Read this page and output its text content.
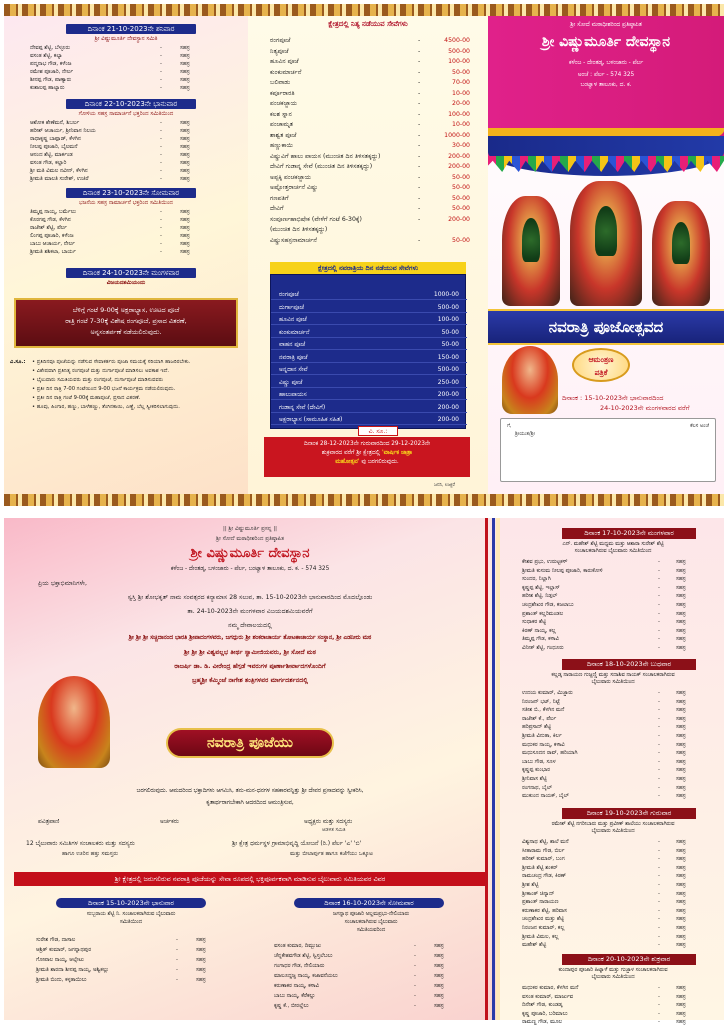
ದಿನಾಂಕ 21-10-2023ನೇ ಶನಿವಾರ
ಶ್ರೀ ವಿಷ್ಣುಮೂರ್ತಿ ದೇವಸ್ಥಾನ ಸಮಿತಿ
ದೇವಪ್ಪ ಶೆಟ್ಟಿ, ಬೆಳ್ಳೂರು	-	ಸಹಸ್ರ
ವಸಂತ ಶೆಟ್ಟಿ, ಕಲ್ಯಾ	-	ಸಹಸ್ರ
ಪದ್ಮನಾಭ ಗೌಡ, ಕಳೆಂಜ	-	ಸಹಸ್ರ
ರಮೇಶ ಪೂಜಾರಿ, ನೇರ್ಲ	-	ಸಹಸ್ರ
ಶೀನಪ್ಪ ಗೌಡ, ಪಾಣ್ಯಾರು	-	ಸಹಸ್ರ
ಕುಶಾಲಪ್ಪ ಹಾಲ್ಯಾರು	-	ಸಹಸ್ರ
ದಿನಾಂಕ 22-10-2023ನೇ ಭಾನುವಾರ
ಗೋಳಿಯ ಸಹಸ್ರ ನಾಮಾರ್ಚನೆ ಭಕ್ತರಿಂದ ಸಮಿತಿಯಿಂದ
ಆಶೋಕ ಶೇಣೆಮನೆ, ಶಿಬರ್ಲ	-	ಸಹಸ್ರ
ಹರೀಶ್ ಆಚಾರ್ಯ, ಶ್ರೀನಿವಾಸ ನಿಲಯ	-	ಸಹಸ್ರ
ರಾಧಾಕೃಷ್ಣ ಬಾಪ್ಪಾಡ್, ಕೆಳಗಿನ	-	ಸಹಸ್ರ
ನೀಲಪ್ಪ ಪೂಜಾರಿ, ಬೈಲಮನೆ	-	ಸಹಸ್ರ
ಆನಂದ ಶೆಟ್ಟಿ, ಮಾರ್ಕಂಡ	-	ಸಹಸ್ರ
ವಸಂತ ಗೌಡ, ಕಲ್ಲಾರಿ	-	ಸಹಸ್ರ
ಶ್ರೀ ಮತಿ ವಿಮಲ ನವೀನ್, ಕೆಳಗಿನ	-	ಸಹಸ್ರ
ಶ್ರೀಮತಿ ಮಾಲತಿ ಸುರೇಶ್, ಉಜಿರೆ	-	ಸಹಸ್ರ
ದಿನಾಂಕ 23-10-2023ನೇ ಸೋಮವಾರ
ಭಜನೆಯ ಸಹಸ್ರ ನಾಮಾರ್ಚನೆ ಭಕ್ತರಿಂದ ಸಮಿತಿಯಿಂದ
ತಿಮ್ಮಪ್ಪ ನಾಯ್ಕ, ಬರ್ಮೆಲು	-	ಸಹಸ್ರ
ಕೊರಗಪ್ಪ ಗೌಡ, ಕೆಳಗಿನ	-	ಸಹಸ್ರ
ರಾಜೇಶ್ ಶೆಟ್ಟಿ, ಪೆರ್ಲ	-	ಸಹಸ್ರ
ಲಿಂಗಪ್ಪ ಪೂಜಾರಿ, ಕಳೆಂಜ	-	ಸಹಸ್ರ
ಬಾಬು ಆಚಾರ್ಯ, ನೇರ್ಲ	-	ಸಹಸ್ರ
ಶ್ರೀಮತಿ ಶಶಿಕಲಾ, ಬಾರ್ಯ	-	ಸಹಸ್ರ
ದಿನಾಂಕ 24-10-2023ನೇ ಮಂಗಳವಾರ
ವಿಜಯದಶಮಿಯಂದು
ಬೆಳಿಗ್ಗೆ ಗಂಟೆ 9-00ಕ್ಕೆ ಅಕ್ಷರಾಭ್ಯಾಸ, ಊಟದ ಪೂಜೆ
ರಾತ್ರಿ ಗಂಟೆ 7-30ಕ್ಕೆ ವಿಶೇಷ ರಂಗಪೂಜೆ, ಪ್ರಸಾದ ವಿತರಣೆ,
ಅನ್ನಸಂತರ್ಪಣೆ ನಡೆಯಲಿರುವುದು.
ವಿ.ಸೂ.: • ಪ್ರತಿದಿನವೂ ಪೂಜೆಯನ್ನು ನಡೆಸುವ ಸೇವಾಕರ್ತರು ಪೂಜಾ ಸಮಯಕ್ಕೆ ಸರಿಯಾಗಿ ಹಾಜರಿರಬೇಕು.
• ವಿಶೇಷವಾಗಿ ಪ್ರತಿನಿತ್ಯ ರಂಗಪೂಜೆ ಮತ್ತು ದುರ್ಗಾಪೂಜೆ ಮಾಡಿಸಲು ಅವಕಾಶ ಇದೆ.
• ಭೈಲುವಾರು ಸಮಿತಿಯವರು ಮತ್ತು ರಂಗಪೂಜೆ, ದುರ್ಗಾಪೂಜೆ ಮಾಡಿಸುವವರು
• ಪ್ರತೀ ದಿನ ರಾತ್ರಿ 7-00 ಗಂಟೆಯಿಂದ 9-00 ಭಜನೆ ಕಾರ್ಯಕ್ರಮ ನಡೆಯಲಿರುವುದು.
• ಪ್ರತೀ ದಿನ ರಾತ್ರಿ ಗಂಟೆ 9-00ಕ್ಕೆ ಮಹಾಪೂಜೆ, ಪ್ರಸಾದ ವಿತರಣೆ.
• ಹೂವು, ಹಿಂಗಾರ, ಹಣ್ಣು, ಬಾಳೆಹಣ್ಣು, ತೆಂಗಿನಕಾಯಿ, ಎಣ್ಣೆ, ಬೆಲ್ಲ ಸ್ವೀಕರಿಸಲಾಗುವುದು.
ಕ್ಷೇತ್ರದಲ್ಲಿ ನಿತ್ಯ ನಡೆಯುವ ಸೇವೆಗಳು
ರಂಗಪೂಜೆ	-	4500-00
ನಿತ್ಯಪೂಜೆ	-	500-00
ಹೂವಿನ ಪೂಜೆ	-	100-00
ಕುಂಕುಮಾರ್ಚನೆ	-	50-00
ಬಲಿವಾಡು	-	70-00
ಕರ್ಪೂರಾರತಿ	-	10-00
ಪಂಚಕಜ್ಜಾಯ	-	20-00
ಕಲಶ ಸ್ನಾನ	-	100-00
ಪಂಚಾಮೃತ	-	10-00
ಶಾಶ್ವತ ಪೂಜೆ	-	1000-00
ಹಣ್ಣುಕಾಯಿ	-	30-00
ವಿಷ್ಣುವಿಗೆ ಹಾಲು ಪಾಯಸ (ಮುಂಚಿತ ದಿನ ತಿಳಿಸತಕ್ಕದ್ದು)	-	200-00
ದೇವಿಗೆ ಗುಡಾನ್ನ ಸೇವೆ (ಮುಂಚಿತ ದಿನ ತಿಳಿಸತಕ್ಕದ್ದು)	-	200-00
ಅಪ್ಪಕ್ಕಿ ಪಂಚಕಜ್ಜಾಯ	-	50-00
ಅಷ್ಟೋತ್ತರಾರ್ಚನೆ ವಿಷ್ಣು	-	50-00
ಗಣಪತಿಗೆ	-	50-00
ದೇವಿಗೆ	-	50-00
ಸಂಪೂರ್ಣಹಾಭಿಷೇಕ (ವೇಳೆಗೆ ಗಂಟೆ 6-30ಕ್ಕೆ)	-	200-00
(ಮುಂಚಿತ ದಿನ ತಿಳಿಸತಕ್ಕದ್ದು)
ವಿಷ್ಣುಸಹಸ್ರನಾಮಾರ್ಚನೆ	-	50-00
ರಂಗಪೂಜೆ	1000-00
ದುರ್ಗಾಪೂಜೆ	500-00
ಹೂವಿನ ಪೂಜೆ	100-00
ಕುಂಕುಮಾರ್ಚನೆ	50-00
ವಾಹನ ಪೂಜೆ	50-00
ನವರಾತ್ರಿ ಪೂಜೆ	150-00
ಅನ್ನದಾನ ಸೇವೆ	500-00
ವಿಷ್ಣು ಪೂಜೆ	250-00
ಹಾಲುಪಾಯಸ	200-00
ಗುಡಾನ್ನ ಸೇವೆ (ದೇವಿಗೆ)	200-00
ಅಕ್ಷರಾಭ್ಯಾಸ (ಸಾಮೂಹಿಕ ಸಹಿತ)	200-00
ಕ್ಷೇತ್ರದಲ್ಲಿ ನವರಾತ್ರಿಯ ದಿನ ನಡೆಯುವ ಸೇವೆಗಳು
ವಿ. ಸೂ.:
ದಿನಾಂಕ 28-12-2023ನೇ ಗುರುವಾರದಿಂದ 29-12-2023ನೇ
ಶುಕ್ರವಾರದ ವರೆಗೆ ಶ್ರೀ ಕ್ಷೇತ್ರದಲ್ಲಿ 'ವಾರ್ಷಿಕ ಜಾತ್ರಾ
ಮಹೋತ್ಸವ' ವು ಜರಗಲಿರುವುದು.
ಜನನಿ, ಉಜ್ಜಿರೆ
ಶ್ರೀ ಸೋದೆ ಮಠಾಧೀಶರಿಂದ ಪ್ರತಿಷ್ಠಾಪಿತ
ಶ್ರೀ ವಿಷ್ಣುಮೂರ್ತಿ ದೇವಸ್ಥಾನ
ಕಳೆಂಜ - ದೇಂತಡ್ಕ, ಬಳಂಜಾರು - ಪೆರ್ಲ
ಅಂಚೆ : ಪೆರ್ಲ - 574 325
ಬಂಟ್ವಾಳ ತಾಲೂಕು, ದ. ಕ.
ನವರಾತ್ರಿ ಪೂಜೋತ್ಸವದ
ಆಮಂತ್ರಣ
ಪತ್ರಿಕೆ
ದಿನಾಂಕ : 15-10-2023ನೇ ಭಾನುವಾರದಿಂದ
24-10-2023ನೇ ಮಂಗಳವಾರದ ವರೆಗೆ
ಗೆ,
ಶ್ರೀಯುತ/ಶ್ರೀ
ಕೆಲಸ ಅಂಚೆ
|| ಶ್ರೀ ವಿಷ್ಣುಮೂರ್ತಿ ಪ್ರಸನ್ನ ||
ಶ್ರೀ ಸೋದೆ ಮಠಾಧೀಶರಿಂದ ಪ್ರತಿಷ್ಠಾಪಿತ
ಶ್ರೀ ವಿಷ್ಣುಮೂರ್ತಿ ದೇವಸ್ಥಾನ
ಕಳೆಂಜ - ದೇಂತಡ್ಕ, ಬಳಂಜಾರು - ಪೆರ್ಲ, ಬಂಟ್ವಾಳ ತಾಲೂಕು, ದ. ಕ. - 574 325
ಪ್ರಿಯ ಭಕ್ತಾಭಿಮಾನಿಗಳೇ,
ಸ್ವಸ್ತಿ ಶ್ರೀ ಶೋಭಕೃತ್ ನಾಮ ಸಂವತ್ಸರದ ಕನ್ಯಾಮಾಸ 28 ಸಲುವ, ತಾ. 15-10-2023ನೇ ಭಾನುವಾರದಿಂದ ಮೊದಲ್ಗೊಂಡು
ತಾ. 24-10-2023ನೇ ಮಂಗಳವಾರ ವಿಜಯದಶಮಿಯವರೆಗೆ
ನಮ್ಮ ದೇವಾಲಯದಲ್ಲಿ
ಶ್ರೀ ಶ್ರೀ ಶ್ರೀ ಸಚ್ಚಿದಾನಂದ ಭಾರತಿ ಶ್ರೀಪಾದಂಗಳವರು, ಜಗದ್ಗುರು ಶ್ರೀ ಶಂಕರಾಚಾರ್ಯ ತೋಟಕಾಚಾರ್ಯ ಸಂಸ್ಥಾನ, ಶ್ರೀ ಎಡನೀರು ಮಠ
ಶ್ರೀ ಶ್ರೀ ಶ್ರೀ ವಿಶ್ವವಲ್ಲಭ ತೀರ್ಥ ಸ್ವಾಮೀಜಿಯವರು, ಶ್ರೀ ಸೋದೆ ಮಠ
ರಾಜರ್ಷಿ ಡಾ. ಡಿ. ವೀರೇಂದ್ರ ಹೆಗ್ಗಡೆ ಇವರುಗಳ ಪೂರ್ಣಾಶೀರ್ವಾದಗಳೊಂದಿಗೆ
ಬ್ರಹ್ಮಶ್ರೀ ಕೆಮ್ಮಿಂಜೆ ನಾಗೇಶ ತಂತ್ರಿಗಳವರ ಮಾರ್ಗದರ್ಶನದಲ್ಲಿ
ನವರಾತ್ರಿ ಪೂಜೆಯು
ಜರಗಲಿರುವುದು. ಆಮದರಿಂದ ಭಕ್ತಾದಿಗಳು ಆಗಮಿಸಿ, ತನು-ಮನ-ಧನಗಳ ಸಹಕಾರವನ್ನಿತ್ತು ಶ್ರೀ ದೇವರ ಪ್ರಸಾದವನ್ನು ಸ್ವೀಕರಿಸಿ,
ಕೃತಾರ್ಥರಾಗಬೇಕಾಗಿ ಆದರದಿಂದ ಆಮಂತ್ರಿಸುವ,
ಪವಿತ್ರಪಾಣಿ	ಅರ್ಚಕರು	ಅಧ್ಯಕ್ಷರು ಮತ್ತು ಸದಸ್ಯರು
ಆಡಳಿತ ಸಮಿತಿ
12 ಬೈಲುವಾರು ಸಮಿತಿಗಳ ಸಂಚಾಲಕರು ಮತ್ತು ಸದಸ್ಯರು
ಹಾಗೂ ಊರಿನ ಹತ್ತು ಸಮಸ್ತರು
ಶ್ರೀ ಕ್ಷೇತ್ರ ಧರ್ಮಸ್ಥಳ ಗ್ರಾಮಾಭಿವೃದ್ಧಿ ಯೋಜನೆ (ರಿ.) ಪೆರ್ಲ 'ಎ' 'ಬಿ'
ಮತ್ತು ಬೀಲಾರ್ಪುತ ಹಾಗೂ ಕಜೆಗೆಯು ಒಕ್ಕೂಟ
ಶ್ರೀ ಕ್ಷೇತ್ರದಲ್ಲಿ ಜರುಗಲಿರುವ ನವರಾತ್ರಿ ಪೂಜೆಯನ್ನು ಸೇವಾ ರೂಪದಲ್ಲಿ ಭಕ್ತಿಪೂರ್ವಕವಾಗಿ ಮಾಡಿಸುವ ಬೈಲುವಾರು ಸಮಿತಿಯವರ ವಿವರ
ದಿನಾಂಕ 15-10-2023ನೇ ಭಾನುವಾರ
ಸುಬ್ಬರಾಯ ಶೆಟ್ಟಿ ನಿ. ಸಂಚಾಲಕರಾಗಿರುವ ಬೈಲುವಾರು
ಸಮಿತಿಯಿಂದ
ಸುರೇಶ ಗೌಡ, ದಾಸಾಲ	-	ಸಹಸ್ರ
ಆಶ್ರಿತ್ ಕುಮಾರ್, ಜಗನ್ನಾಥಪುರ	-	ಸಹಸ್ರ
ಗೋಪಾಲ ನಾಯ್ಕ, ಆಲ್ಸೇಟು	-	ಸಹಸ್ರ
ಶ್ರೀಮತಿ ಶಾರದಾ ಶೀನಪ್ಪ ನಾಯ್ಕ, ಅಶ್ವಿಕಲ್ಲು	-	ಸಹಸ್ರ
ಶ್ರೀಮತಿ ಬಿಂದು, ಕಳ್ಳತಾಯಿಲು	-	ಸಹಸ್ರ
ದಿನಾಂಕ 16-10-2023ನೇ ಸೋಮವಾರ
ಜಗನ್ನಾಥ ಪೂಜಾರಿ ಅಲ್ಲಮಪ್ರಭು-ನೇಲಿಯಾರು
ಸಂಚಾಲಕರಾಗಿರುವ ಬೈಲುವಾರು
ಸಮಿತಿಯವರಿಂದ
ವಸಂತ ಕುಮಾರ, ದಿಮ್ಬುಜು	-	ಸಹಸ್ರ
ಚೆನ್ನಕೇಶವಗೌಡ ಶೆಟ್ಟಿ, ಸ್ವಿಸ್ತಲೆಬಲು	-	ಸಹಸ್ರ
ಗಂಗಾಧರ ಗೌಡ, ನೇಲಿಯಾರು	-	ಸಹಸ್ರ
ಮಾಲೂದ್ದಜ್ಜ ನಾಯ್ಕ, ಕಜಾವನೆಯಲು	-	ಸಹಸ್ರ
ಕರುಣಾಕರ ನಾಯ್ಕ, ಕಳಾವಿ	-	ಸಹಸ್ರ
ಬಾಬು ನಾಯ್ಕ, ಕೆರೆಕಲ್ಲು	-	ಸಹಸ್ರ
ಕೃಷ್ಣ ಕೆ., ಬೀರಲ್ಲೆಲು	-	ಸಹಸ್ರ
ದಿನಾಂಕ 17-10-2023ನೇ ಮಂಗಳವಾರ
ಎನ್. ಮಹೇಶ್ ಶೆಟ್ಟಿ ಮಧ್ಯಮ ಮತ್ತು ಆಶಾರಾ ಸುರೇಶ್ ಶೆಟ್ಟಿ
ಸಂಚಾಲಕರಾಗಿರುವ ಬೈಲುವಾರು ಸಮಿತಿಯಿಂದ
ಕೇಶವ ಪ್ರಭು, ಉರುಟ್ಟಕಳ್	-	ಸಹಸ್ರ
ಶ್ರೀಮತಿ ಕುಸುಮ ನೀಲಪ್ಪ ಪೂಜಾರಿ, ಕಾರುಕೋಳಿ	-	ಸಹಸ್ರ
ಸುಂದರ, ನಿಲ್ಲಾಗಿ	-	ಸಹಸ್ರ
ಕೃಷ್ಣಪ್ಪ ಶೆಟ್ಟಿ, ಇಲ್ಲಾಸ್	-	ಸಹಸ್ರ
ಹರೀಶ ಶೆಟ್ಟಿ, ನಿಡ್ಗಲ್	-	ಸಹಸ್ರ
ಚಂದ್ರಶೇಖರ ಗೌಡ, ಕಜಲಾಬು	-	ಸಹಸ್ರ
ಪ್ರಶಾಂತ್ ಕಲ್ಲರಿಮಂಡಲ	-	ಸಹಸ್ರ
ಸುಧಾಕರ ಶೆಟ್ಟಿ	-	ಸಹಸ್ರ
ಕಿರಣ್ ನಾಯ್ಕ, ಕಲ್ಲ	-	ಸಹಸ್ರ
ತಿಮ್ಮಪ್ಪ ಗೌಡ, ಕಳಾವಿ	-	ಸಹಸ್ರ
ವಿನೀತ್ ಶೆಟ್ಟಿ, ಗಂಧೂರು	-	ಸಹಸ್ರ
ದಿನಾಂಕ 18-10-2023ನೇ ಬುಧವಾರ
ಕಲ್ಲಡ್ಕ ನಾರಾಯಣ ಗುಜ್ಜಣ್ಣಿ ಮತ್ತು ಸದಾಶಿವ ನಾಯಕ್ ಸಂಚಾಲಕರಾಗಿರುವ
ಬೈಲುವಾರು ಸಮಿತಿಯಿಂದ
ಉದಯ ಕುಮಾರ್, ಮಿಜ್ಜಾರು	-	ಸಹಸ್ರ
ನಿರಂಜನ್ ಭಟ್, ನಿಟ್ಟೆ	-	ಸಹಸ್ರ
ಸತೀಶ ಬಿ., ಕೆಳಗಿನ ಮನೆ	-	ಸಹಸ್ರ
ರಾಜೇಶ್ ಕೆ., ಪೆರ್ಲ	-	ಸಹಸ್ರ
ಹರಿಪ್ರಸಾದ್ ಶೆಟ್ಟಿ	-	ಸಹಸ್ರ
ಶ್ರೀಮತಿ ವಿನುತಾ, ಕಿರ್ಲ	-	ಸಹಸ್ರ
ಮಧುಕರ ನಾಯ್ಕ, ಕಳಾವಿ	-	ಸಹಸ್ರ
ಮಧುಸೂದನ ರಾವ್, ಹರಿಯಾಗಿ	-	ಸಹಸ್ರ
ಬಾಬು ಗೌಡ, ಸೂಳ	-	ಸಹಸ್ರ
ಕೃಷ್ಣಪ್ಪ ಕುಂಭಾರ	-	ಸಹಸ್ರ
ಶ್ರೀನಿವಾಸ ಶೆಟ್ಟಿ	-	ಸಹಸ್ರ
ರಂಗನಾಥ, ಬೈಲ್	-	ಸಹಸ್ರ
ಮುಕುಂದ ನಾಯಕ್, ಬೈಲ್	-	ಸಹಸ್ರ
ದಿನಾಂಕ 19-10-2023ನೇ ಗುರುವಾರ
ರಮೇಶ್ ಶೆಟ್ಟಿ ನಗರೀಬಾರು ಮತ್ತು ಪ್ರವೀಣ್ ಶಾಲೆಯು ಸಂಚಾಲಕರಾಗಿರುವ
ಬೈಲುವಾರು ಸಮಿತಿಯಿಂದ
ವಿಶ್ವನಾಥ ಶೆಟ್ಟಿ, ಶಾಲೆ ಮನೆ	-	ಸಹಸ್ರ
ಸೀತಾರಾಮ ಗೌಡ, ಬಿರ್ಲ	-	ಸಹಸ್ರ
ಹರೀಶ್ ಕುಮಾರ್, ಬಂಗ	-	ಸಹಸ್ರ
ಶ್ರೀಮತಿ ಶೆಟ್ಟಿ ಶಂಕರ್	-	ಸಹಸ್ರ
ರಾಮಚಂದ್ರ ಗೌಡ, ಕಿರಣ್	-	ಸಹಸ್ರ
ಶ್ರೀಶ ಶೆಟ್ಟಿ	-	ಸಹಸ್ರ
ಶ್ರೀಕಾಂತ್ ಚಿನ್ಯಾದ್	-	ಸಹಸ್ರ
ಪ್ರಶಾಂತ್ ನಾರಾಯಣ	-	ಸಹಸ್ರ
ಕರುಣಾಕರ ಶೆಟ್ಟಿ, ಹರಿವಾಸ	-	ಸಹಸ್ರ
ಚಂದ್ರಶೇಖರ ಮತ್ತು ಶೆಟ್ಟಿ	-	ಸಹಸ್ರ
ನಿರಂಜನ ಕುಮಾರ್, ಕಲ್ಲ	-	ಸಹಸ್ರ
ಶ್ರೀಮತಿ ವಿಮಲ, ಕಲ್ಲ	-	ಸಹಸ್ರ
ಮಹೇಶ್ ಶೆಟ್ಟಿ	-	ಸಹಸ್ರ
ದಿನಾಂಕ 20-10-2023ನೇ ಶುಕ್ರವಾರ
ಕುಂದಾಪುರ ಪೂಜಾರಿ ಹಿಟ್ನಾಳೆ ಮತ್ತು ಗುಜ್ಜಾಳ ಸಂಚಾಲಕರಾಗಿರುವ
ಬೈಲುವಾರು ಸಮಿತಿಯಿಂದ
ಮಧುಕರ ಕುಮಾರ, ಕೆಳಗಿನ ಮನೆ	-	ಸಹಸ್ರ
ವಸಂತ ಕುಮಾರ್, ಮಾರ್ಜುವ	-	ಸಹಸ್ರ
ದಿನೇಶ್ ಗೌಡ, ಕುಂಡಡ್ಕ	-	ಸಹಸ್ರ
ಕೃಷ್ಣ ಪೂಜಾರಿ, ಬರಿಮಾಲು	-	ಸಹಸ್ರ
ರಾಮಣ್ಣ ಗೌಡ, ಮೂಲ	-	ಸಹಸ್ರ
